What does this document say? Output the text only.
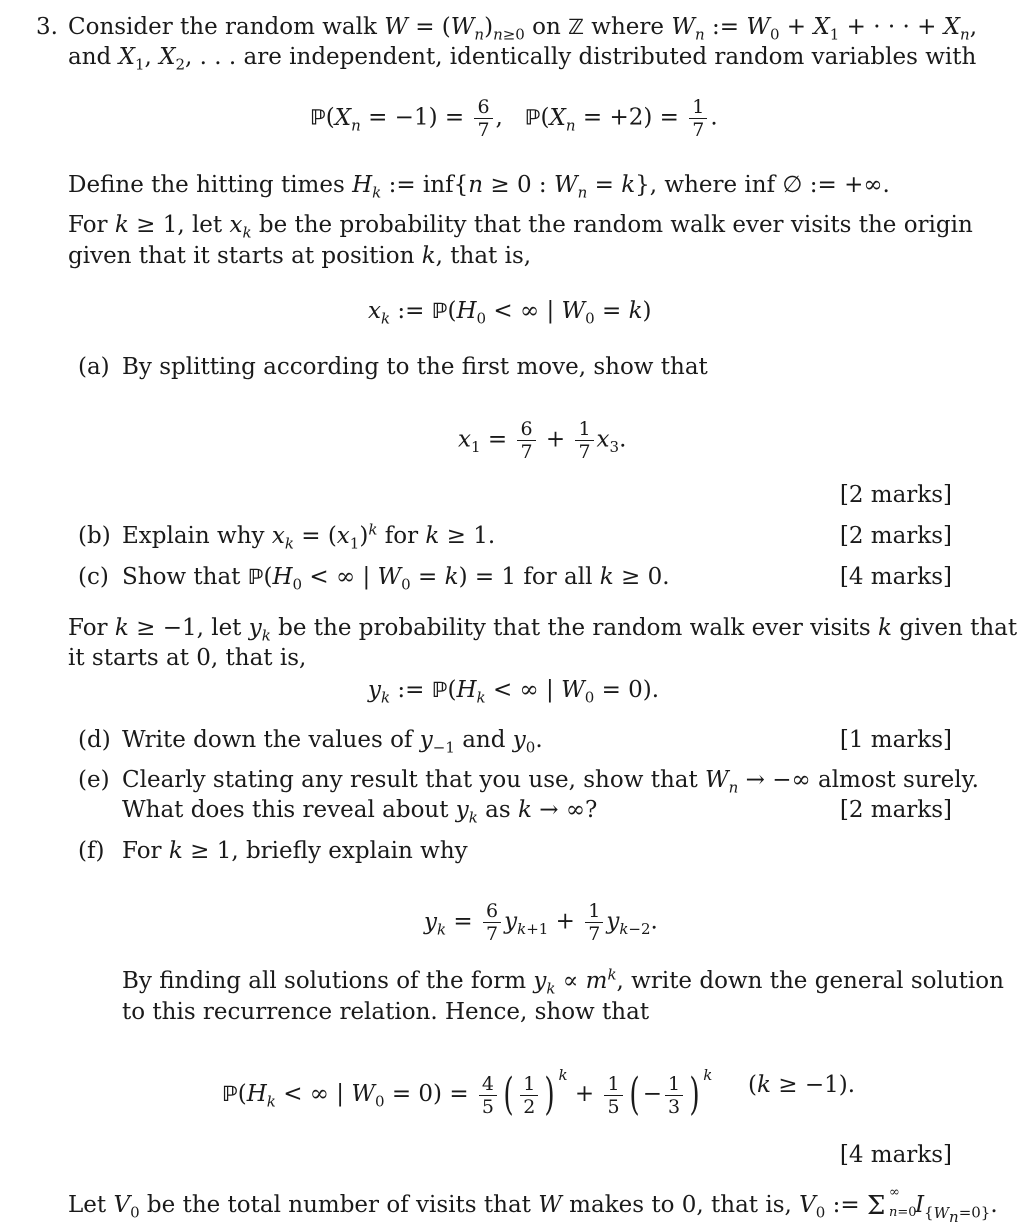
3. Consider the random walk $W = (W_n)_{n\ge 0}$ on ℤ where $W_n$ := $W_0 + X_1$ + · · · + $X_n$,
and $X_1$, $X_2$, . . . are independent, identically distributed random variables with
$ℙ(X_n = -1) = \frac{6}{7}$ ,   $ℙ(X_n = +2) = \frac{1}{7}$ .
Define the hitting times $H_k$ := inf{n ≥ 0 : $W_n = k$}, where inf ∅ := +∞.
For k ≥ 1, let $x_k$ be the probability that the random walk ever visits the origin
given that it starts at position k, that is,
$x_k$ := $ℙ(H_0$ < ∞ | $W_0 = k$)
(a) By splitting according to the first move, show that
$x_1 = \frac{6}{7} + \frac{1}{7} x_3$.
[2 marks]
(b) Explain why $x_k = (x_1)^k$ for k ≥ 1.	[2 marks]
(c) Show that $ℙ(H_0$ < ∞ | $W_0 = k) = 1$ for all k ≥ 0.	[4 marks]
For k ≥ −1, let $y_k$ be the probability that the random walk ever visits k given that
it starts at 0, that is,
$y_k$ := $ℙ(H_k$ < ∞ | $W_0 = 0$).
(d) Write down the values of $y_{-1}$ and $y_0$.	[1 marks]
(e) Clearly stating any result that you use, show that $W_n$ → −∞ almost surely.
What does this reveal about $y_k$ as k → ∞?	[2 marks]
(f) For k ≥ 1, briefly explain why
$y_k = \frac{6}{7} y_{k+1} + \frac{1}{7} y_{k-2}$.
By finding all solutions of the form $y_k \propto m^k$, write down the general solution
to this recurrence relation. Hence, show that
$ℙ(H_k$ < ∞ | $W_0 = 0) = \frac{4}{5}$ ( $\frac{1}{2}$ ) $k + \frac{1}{5}$ ( − $\frac{1}{3}$ ) k (k ≥ −1).
[4 marks]
Let $V_0$ be the total number of visits that W makes to 0, that is, $V_0$ := Σ ∞
n=0
$I_{\{W_n=0\}}$.
